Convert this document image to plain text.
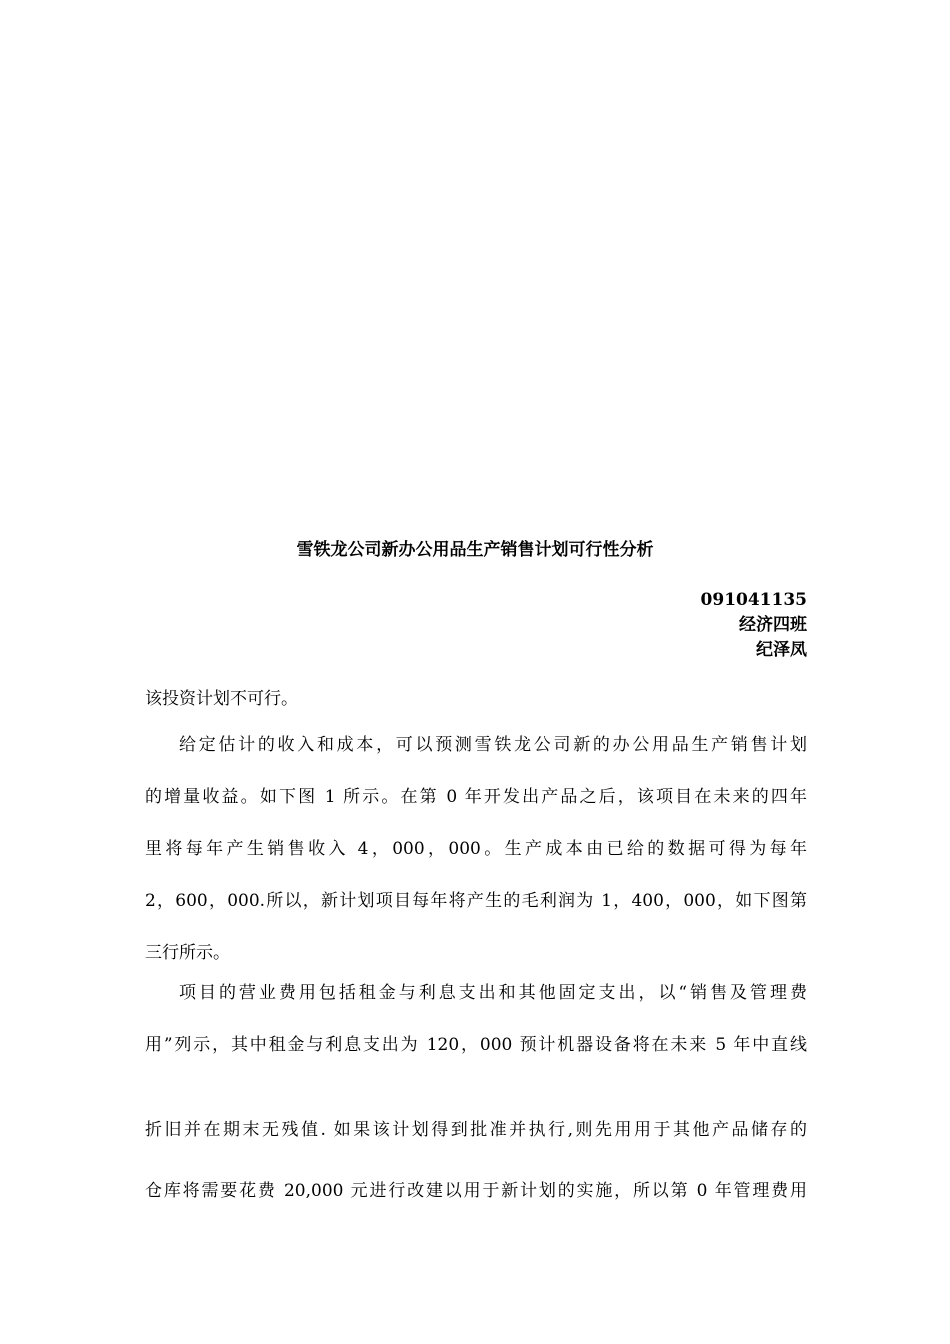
雪铁龙公司新办公用品生产销售计划可行性分析
091041135
经济四班
纪泽凤
该投资计划不可行。
给定估计的收入和成本，可以预测雪铁龙公司新的办公用品生产销售计划
的增量收益。如下图 1 所示。在第 0 年开发出产品之后，该项目在未来的四年
里将每年产生销售收入 4，000，000。生产成本由已给的数据可得为每年
2，600，000.所以，新计划项目每年将产生的毛利润为 1，400，000，如下图第
三行所示。
项目的营业费用包括租金与利息支出和其他固定支出，以“销售及管理费
用”列示，其中租金与利息支出为 120，000 预计机器设备将在未来 5 年中直线
折旧并在期末无残值. 如果该计划得到批准并执行,则先用用于其他产品储存的
仓库将需要花费 20,000 元进行改建以用于新计划的实施，所以第 0 年管理费用
